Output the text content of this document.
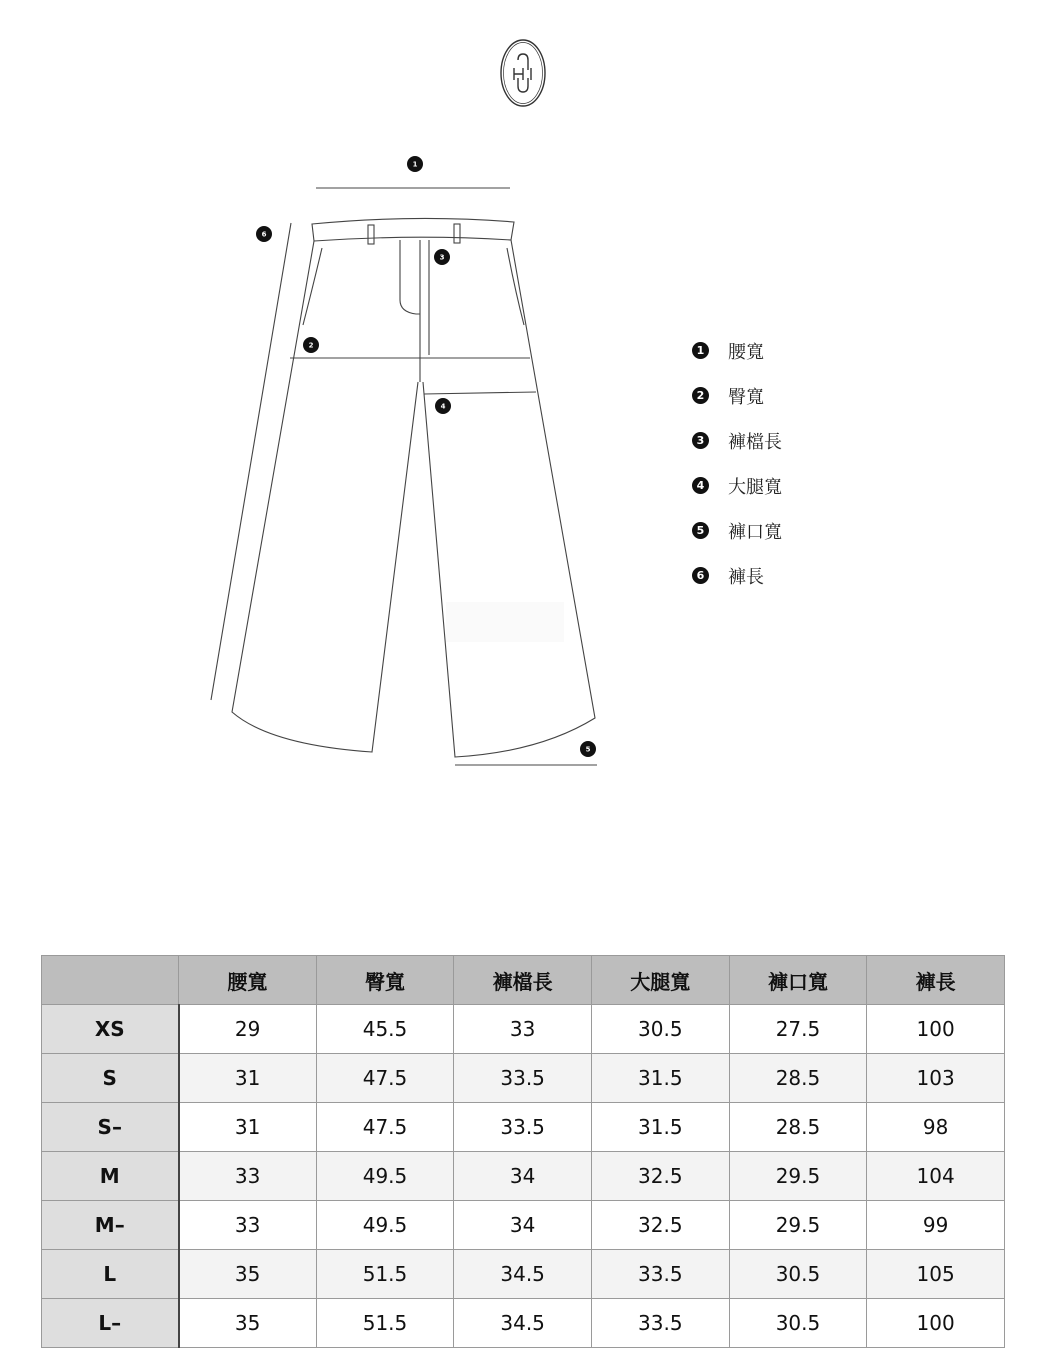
1
6
3
2
4
5
1 腰寬
2 臀寬
3 褲檔長
4 大腿寬
5 褲口寬
6 褲長
	腰寬	臀寬	褲檔長	大腿寬	褲口寬	褲長
XS	29	45.5	33	30.5	27.5	100
S	31	47.5	33.5	31.5	28.5	103
S–	31	47.5	33.5	31.5	28.5	98
M	33	49.5	34	32.5	29.5	104
M–	33	49.5	34	32.5	29.5	99
L	35	51.5	34.5	33.5	30.5	105
L–	35	51.5	34.5	33.5	30.5	100
